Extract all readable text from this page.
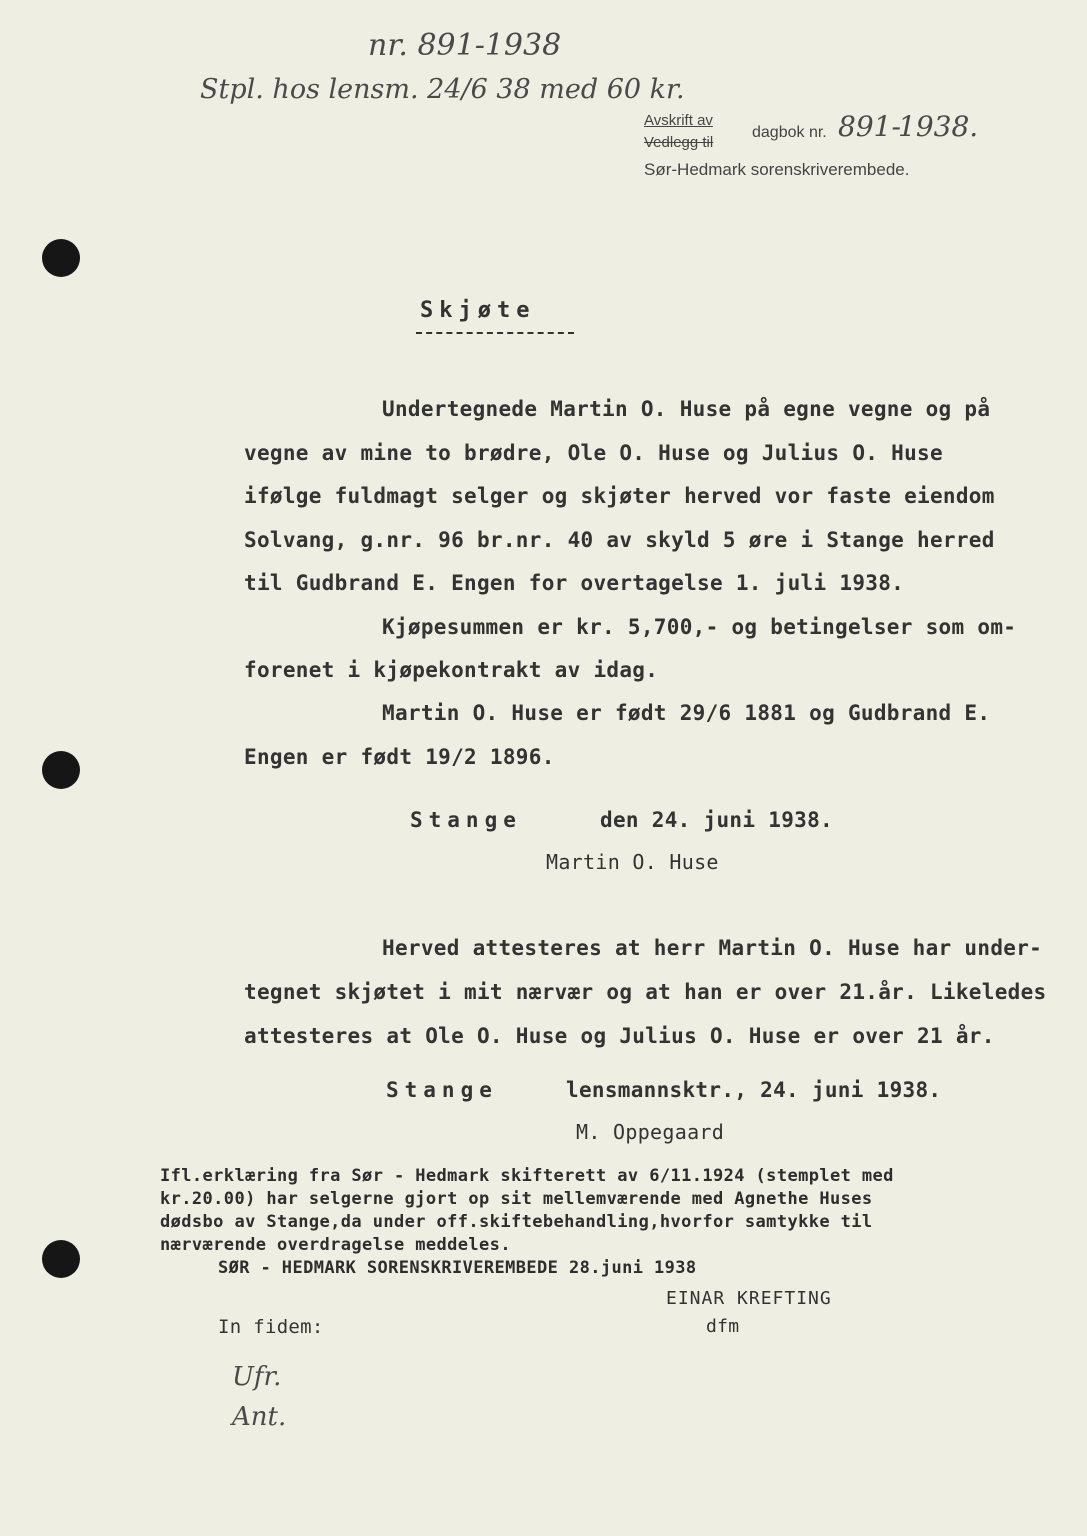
nr. 891-1938
Stpl. hos lensm. 24/6 38 med 60 kr.
Avskrift av
Vedlegg til
dagbok nr. 891-
1938.
Sør-Hedmark sorenskriverembede.
Skjøte
Undertegnede Martin O. Huse på egne vegne og på
vegne av mine to brødre, Ole O. Huse og Julius O. Huse
ifølge fuldmagt selger og skjøter herved vor faste eiendom
Solvang, g.nr. 96 br.nr. 40 av skyld 5 øre i Stange herred
til Gudbrand E. Engen for overtagelse 1. juli 1938.
Kjøpesummen er kr. 5,700,- og betingelser som om-
forenet i kjøpekontrakt av idag.
Martin O. Huse er født 29/6 1881 og Gudbrand E.
Engen er født 19/2 1896.
Stange	den 24. juni 1938.
Martin O. Huse
Herved attesteres at herr Martin O. Huse har under-
tegnet skjøtet i mit nærvær og at han er over 21.år. Likeledes
attesteres at Ole O. Huse og Julius O. Huse er over 21 år.
Stange	lensmannsktr., 24. juni 1938.
M. Oppegaard
Ifl.erklæring fra Sør - Hedmark skifterett av 6/11.1924 (stemplet med
kr.20.00) har selgerne gjort op sit mellemværende med Agnethe Huses
dødsbo av Stange,da under off.skiftebehandling,hvorfor samtykke til
nærværende overdragelse meddeles.
SØR - HEDMARK SORENSKRIVEREMBEDE 28.juni 1938
EINAR KREFTING
dfm
In fidem:
Ufr.
Ant.
